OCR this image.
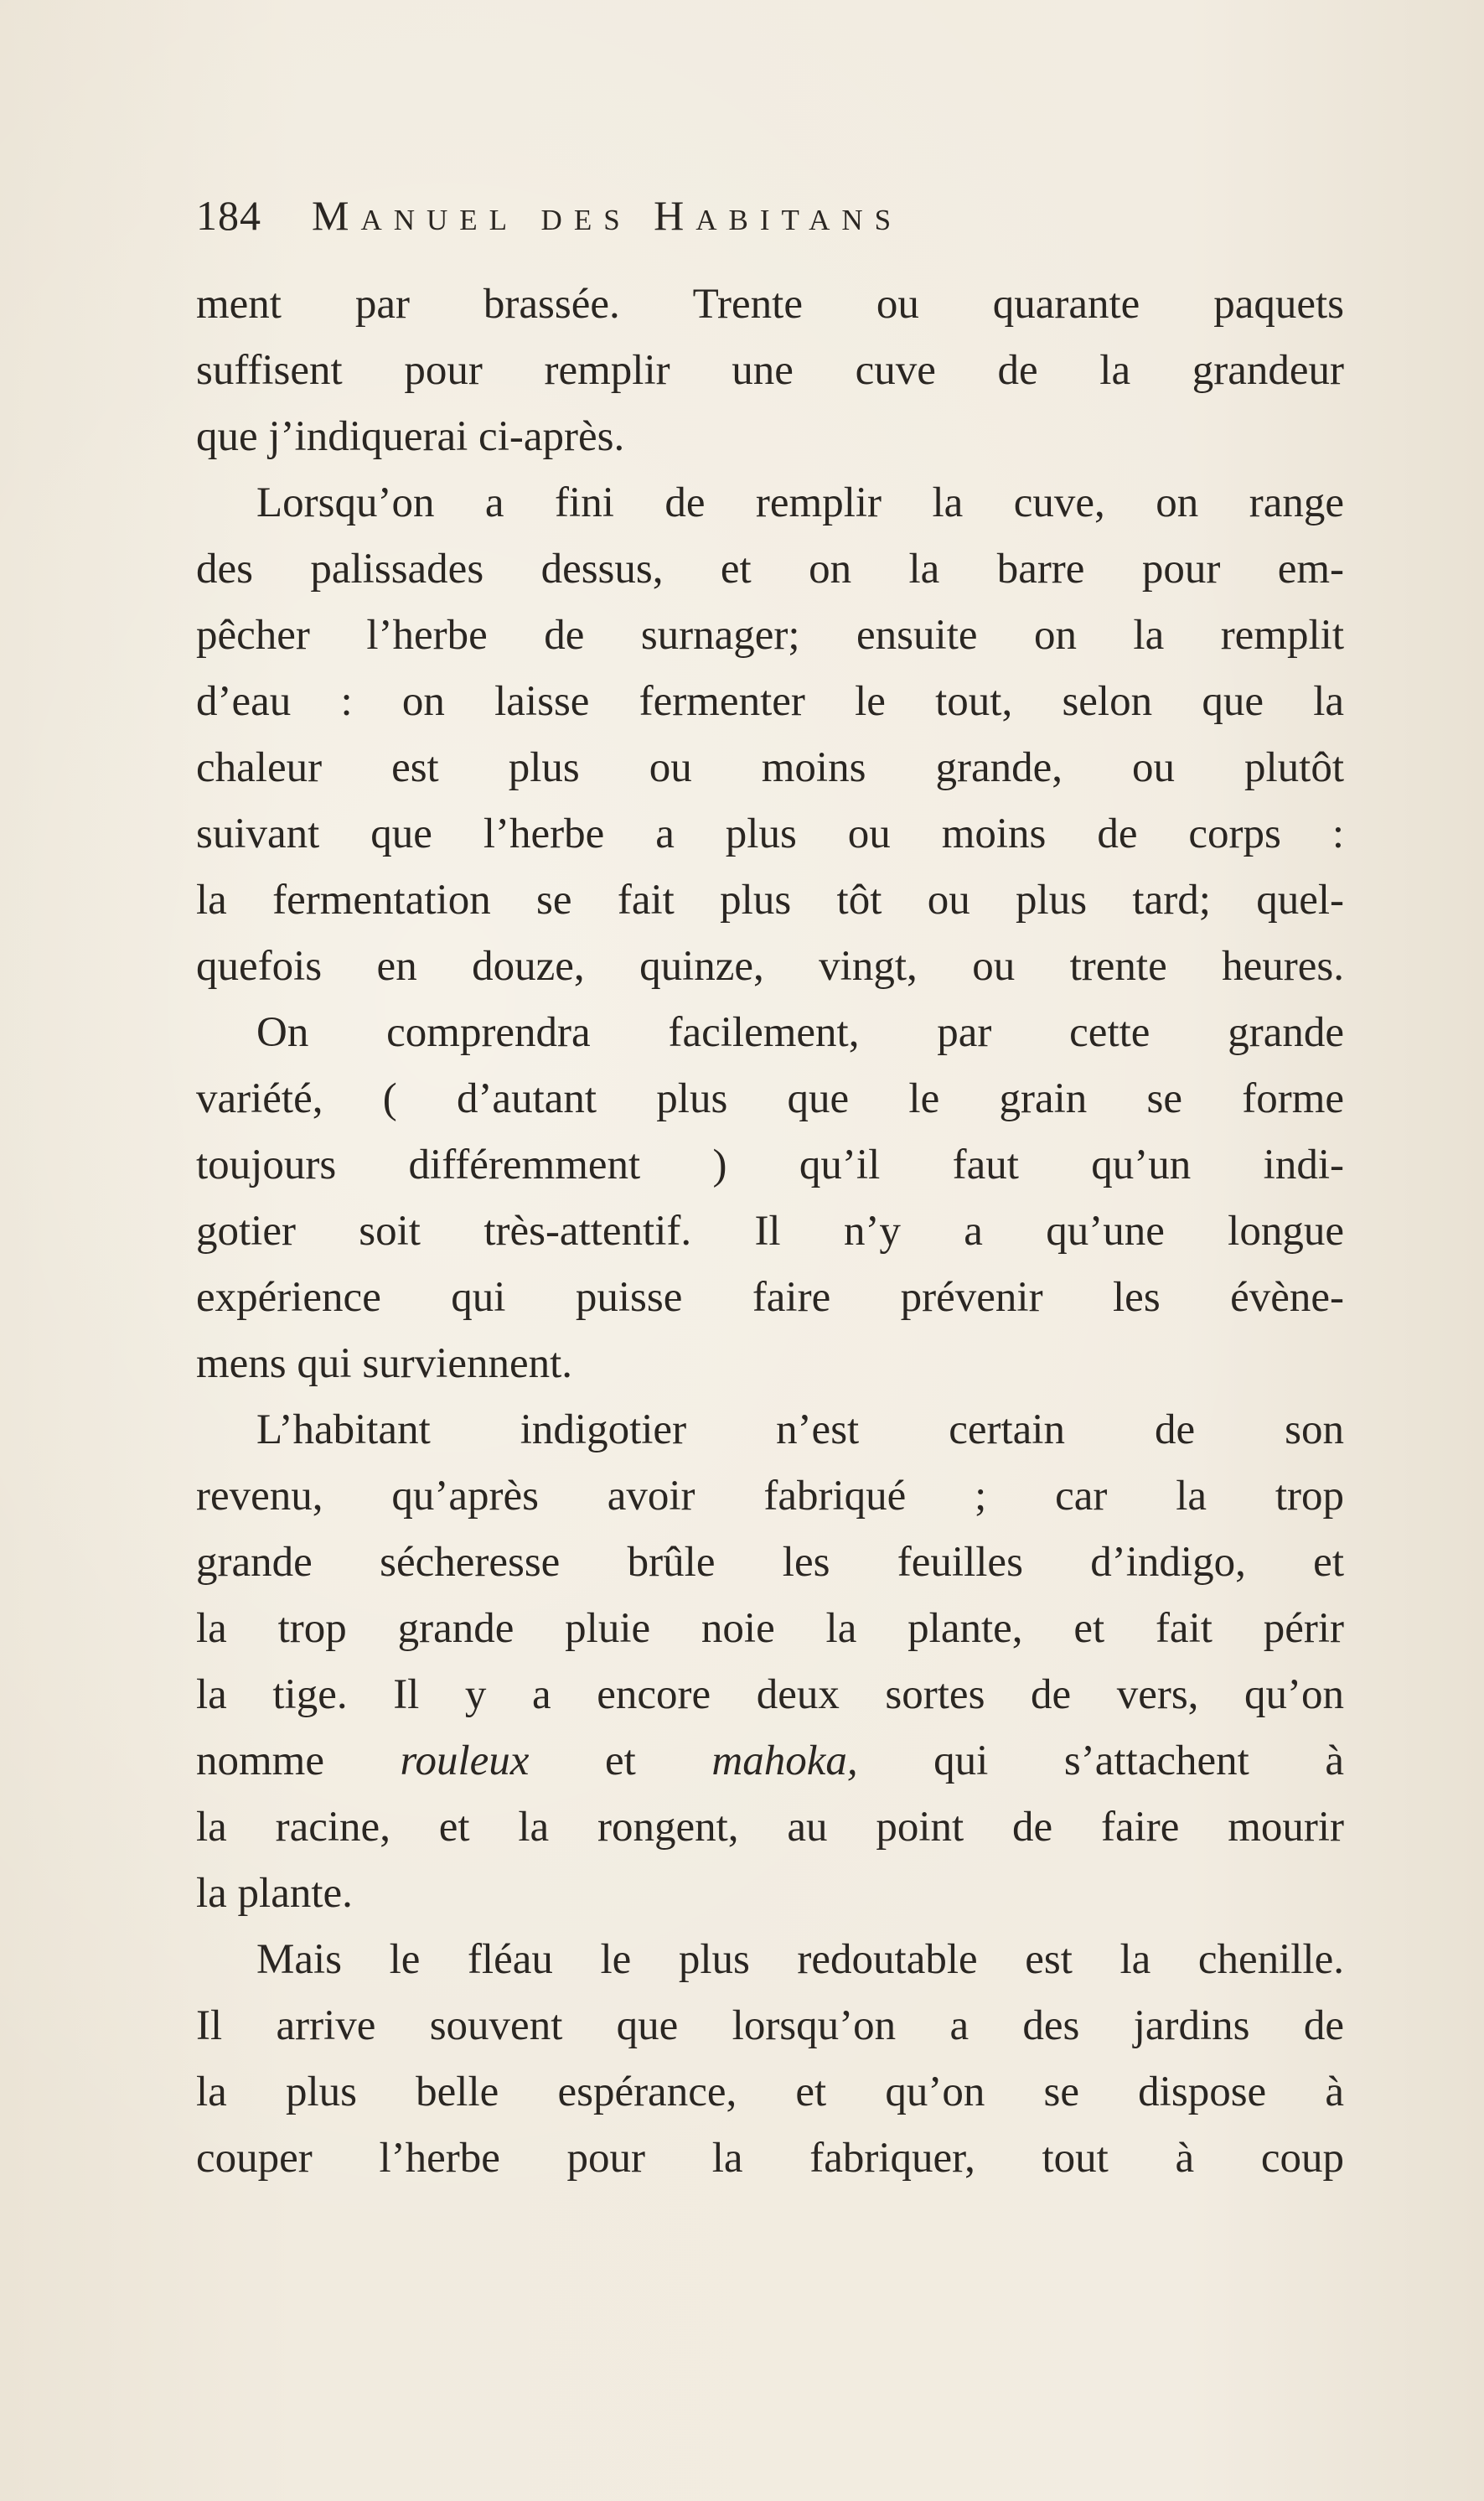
184 Manuel des Habitans
ment par brassée. Trente ou quarante paquets
suffisent pour remplir une cuve de la grandeur
que j’indiquerai ci-après.
Lorsqu’on a fini de remplir la cuve, on range
des palissades dessus, et on la barre pour em-
pêcher l’herbe de surnager; ensuite on la remplit
d’eau : on laisse fermenter le tout, selon que la
chaleur est plus ou moins grande, ou plutôt
suivant que l’herbe a plus ou moins de corps :
la fermentation se fait plus tôt ou plus tard; quel-
quefois en douze, quinze, vingt, ou trente heures.
On comprendra facilement, par cette grande
variété, ( d’autant plus que le grain se forme
toujours différemment ) qu’il faut qu’un indi-
gotier soit très-attentif. Il n’y a qu’une longue
expérience qui puisse faire prévenir les évène-
mens qui surviennent.
L’habitant indigotier n’est certain de son
revenu, qu’après avoir fabriqué ; car la trop
grande sécheresse brûle les feuilles d’indigo, et
la trop grande pluie noie la plante, et fait périr
la tige. Il y a encore deux sortes de vers, qu’on
nomme rouleux et mahoka, qui s’attachent à
la racine, et la rongent, au point de faire mourir
la plante.
Mais le fléau le plus redoutable est la chenille.
Il arrive souvent que lorsqu’on a des jardins de
la plus belle espérance, et qu’on se dispose à
couper l’herbe pour la fabriquer, tout à coup
